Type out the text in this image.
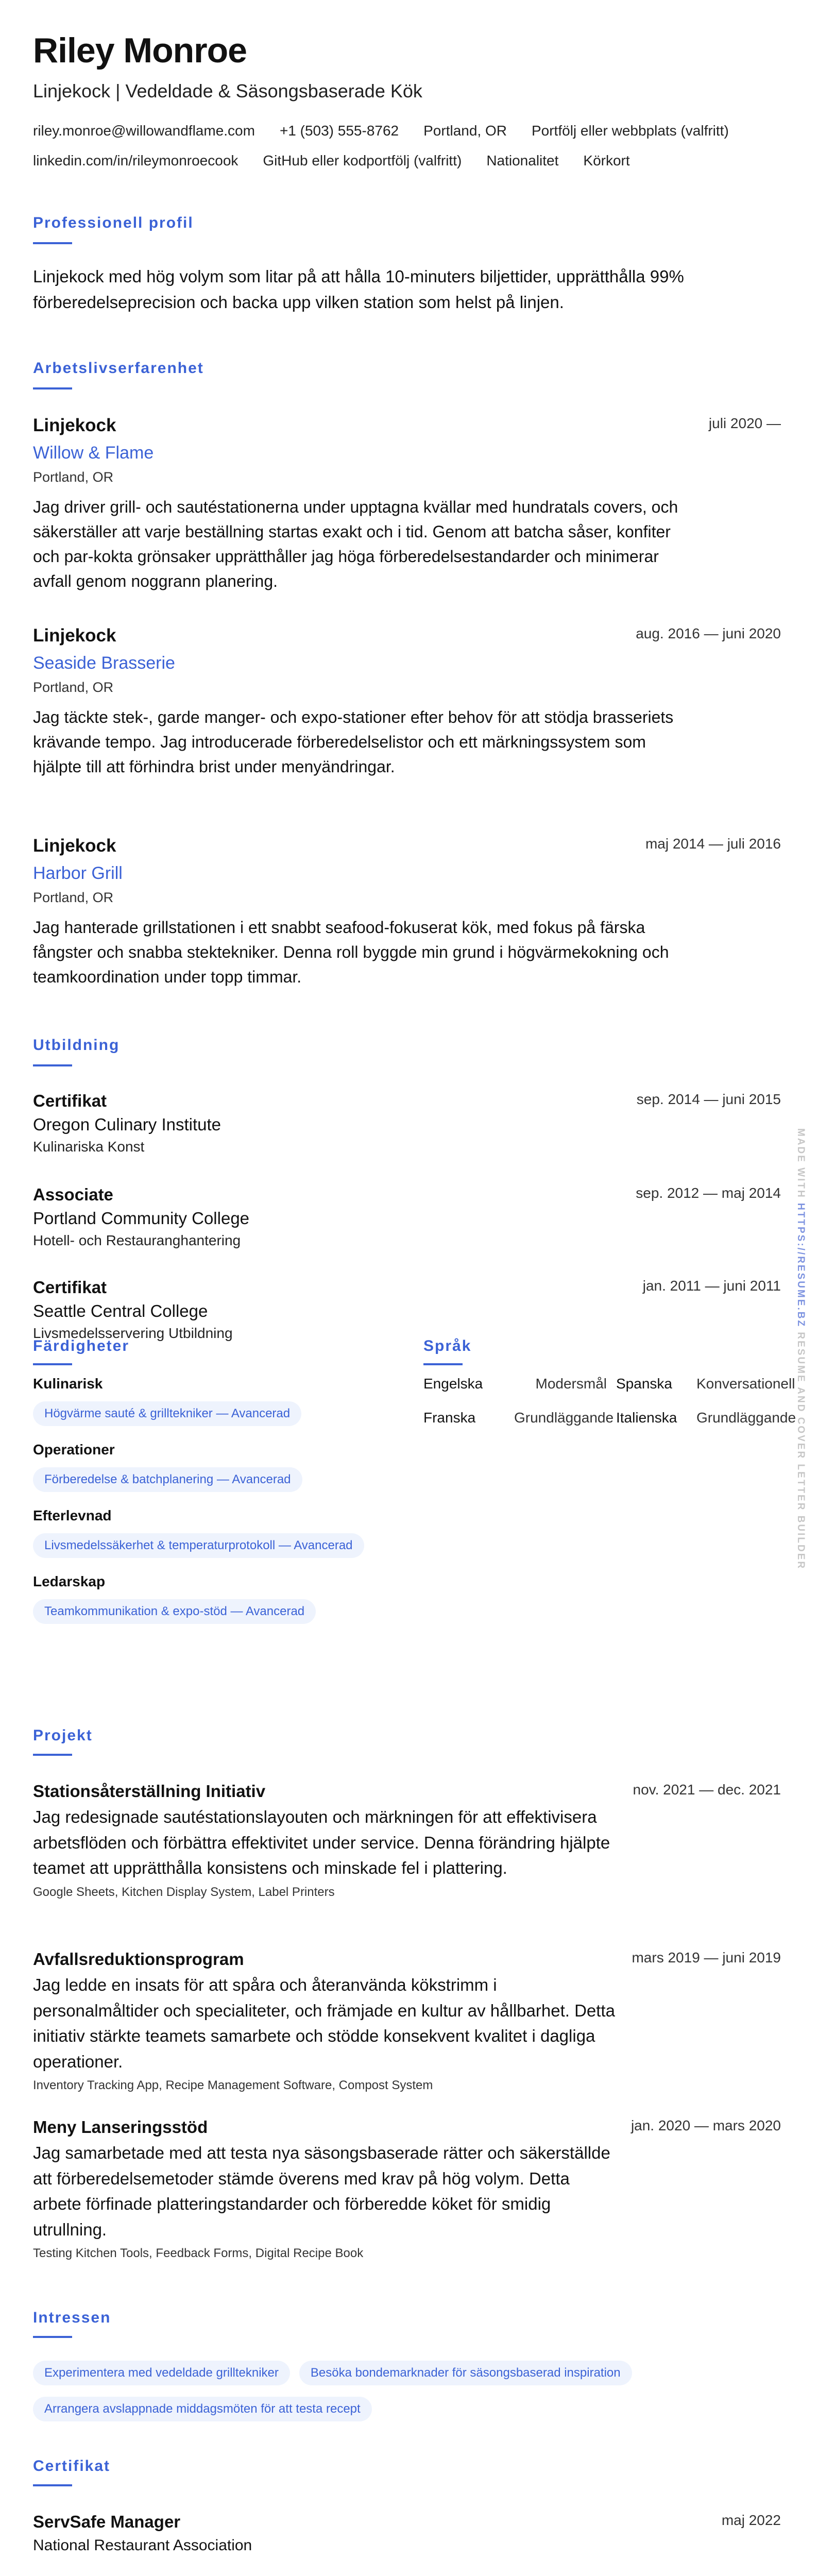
Riley Monroe
Linjekock | Vedeldade & Säsongsbaserade Kök
riley.monroe@willowandflame.com +1 (503) 555-8762 Portland, OR Portfölj eller webbplats (valfritt)
linkedin.com/in/rileymonroecook GitHub eller kodportfölj (valfritt) Nationalitet Körkort
Professionell profil

Linjekock med hög volym som litar på att hålla 10-minuters biljettider, upprätthålla 99% förberedelseprecision och backa upp vilken station som helst på linjen.

Arbetslivserfarenhet
Linjekock
Willow & Flame
Portland, OR
Jag driver grill- och sautéstationerna under upptagna kvällar med hundratals covers, och säkerställer att varje beställning startas exakt och i tid. Genom att batcha såser, konfiter och par-kokta grönsaker upprätthåller jag höga förberedelsestandarder och minimerar avfall genom noggrann planering.
juli 2020 —
Linjekock
Seaside Brasserie
Portland, OR
Jag täckte stek-, garde manger- och expo-stationer efter behov för att stödja brasseriets krävande tempo. Jag introducerade förberedelselistor och ett märkningssystem som hjälpte till att förhindra brist under menyändringar.
aug. 2016 — juni 2020
Linjekock
Harbor Grill
Portland, OR
Jag hanterade grillstationen i ett snabbt seafood-fokuserat kök, med fokus på färska fångster och snabba stektekniker. Denna roll byggde min grund i högvärmekokning och teamkoordination under topp timmar.
maj 2014 — juli 2016
Utbildning
Certifikat
Oregon Culinary Institute
Kulinariska Konst
sep. 2014 — juni 2015
Associate
Portland Community College
Hotell- och Restauranghantering
sep. 2012 — maj 2014
Certifikat
Seattle Central College
Livsmedelsservering Utbildning
jan. 2011 — juni 2011
Färdigheter
Kulinarisk
Högvärme sauté & grilltekniker — Avancerad
Operationer
Förberedelse & batchplanering — Avancerad
Efterlevnad
Livsmedelssäkerhet & temperaturprotokoll — Avancerad
Ledarskap
Teamkommunikation & expo-stöd — Avancerad
Språk
Engelska	Modersmål Spanska	Konversationell
Franska	Grundläggande Italienska	Grundläggande
Projekt
Stationsåterställning Initiativ
Jag redesignade sautéstationslayouten och märkningen för att effektivisera arbetsflöden och förbättra effektivitet under service. Denna förändring hjälpte teamet att upprätthålla konsistens och minskade fel i plattering.
Google Sheets, Kitchen Display System, Label Printers
nov. 2021 — dec. 2021
Avfallsreduktionsprogram
Jag ledde en insats för att spåra och återanvända kökstrimm i personalmåltider och specialiteter, och främjade en kultur av hållbarhet. Detta initiativ stärkte teamets samarbete och stödde konsekvent kvalitet i dagliga operationer.
Inventory Tracking App, Recipe Management Software, Compost System
mars 2019 — juni 2019
Meny Lanseringsstöd
Jag samarbetade med att testa nya säsongsbaserade rätter och säkerställde att förberedelsemetoder stämde överens med krav på hög volym. Detta arbete förfinade platteringstandarder och förberedde köket för smidig utrullning.
Testing Kitchen Tools, Feedback Forms, Digital Recipe Book
jan. 2020 — mars 2020
Intressen
Experimentera med vedeldade grilltekniker	Besöka bondemarknader för säsongsbaserad inspiration
Arrangera avslappnade middagsmöten för att testa recept
Certifikat
ServSafe Manager
National Restaurant Association
maj 2022
MADE WITH HTTPS://RESUME.BZ RESUME AND COVER LETTER BUILDER
